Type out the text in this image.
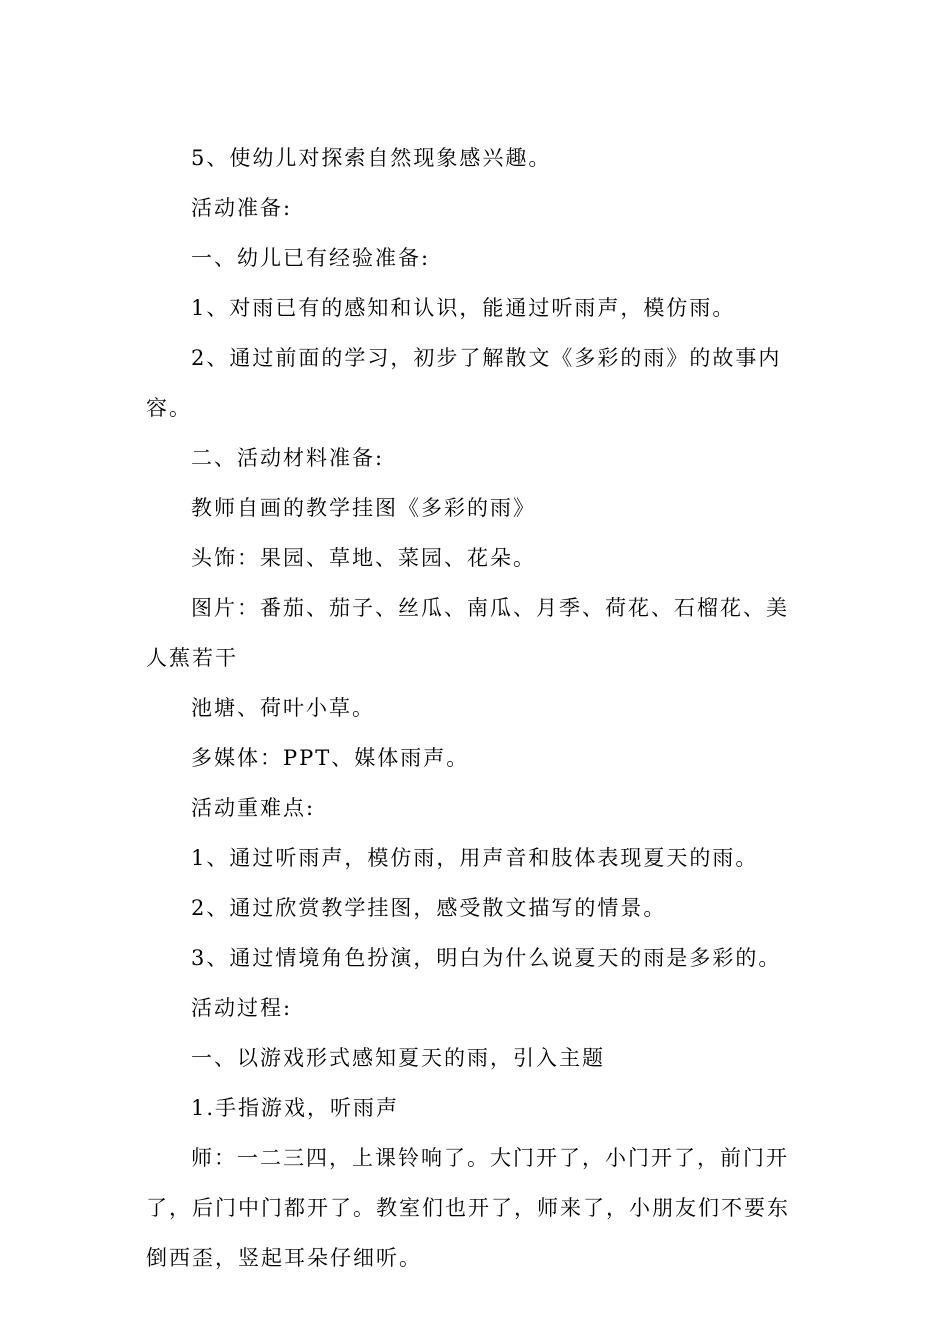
5、使幼儿对探索自然现象感兴趣。

活动准备:

一、幼儿已有经验准备:

1、对雨已有的感知和认识，能通过听雨声，模仿雨。

2、通过前面的学习，初步了解散文《多彩的雨》的故事内容。

二、活动材料准备:

教师自画的教学挂图《多彩的雨》

头饰：果园、草地、菜园、花朵。

图片：番茄、茄子、丝瓜、南瓜、月季、荷花、石榴花、美人蕉若干

池塘、荷叶小草。

多媒体：PPT、媒体雨声。

活动重难点:

1、通过听雨声，模仿雨，用声音和肢体表现夏天的雨。

2、通过欣赏教学挂图，感受散文描写的情景。

3、通过情境角色扮演，明白为什么说夏天的雨是多彩的。

活动过程:

一、以游戏形式感知夏天的雨，引入主题

1.手指游戏，听雨声

师：一二三四，上课铃响了。大门开了，小门开了，前门开了，后门中门都开了。教室们也开了，师来了，小朋友们不要东倒西歪，竖起耳朵仔细听。
